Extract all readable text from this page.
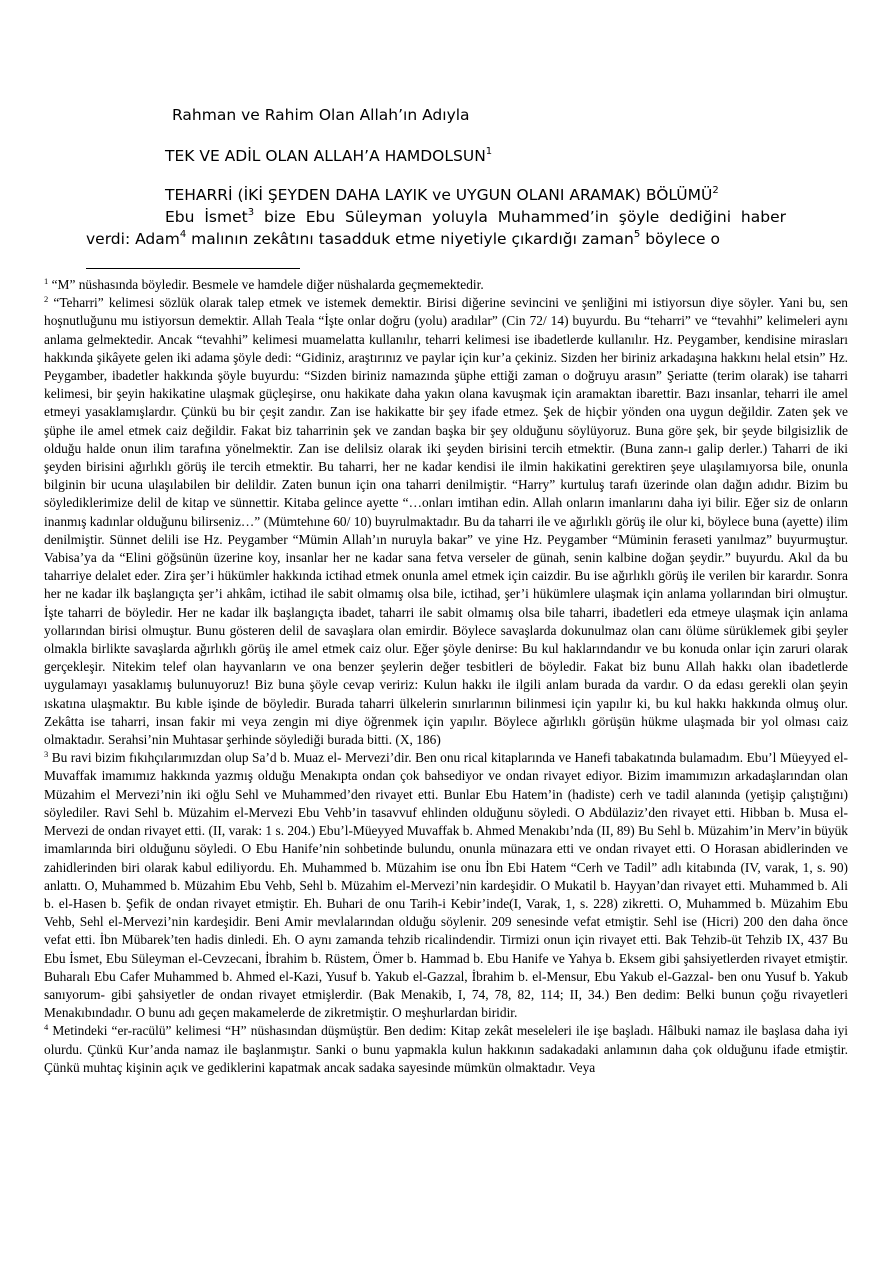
Rahman ve Rahim Olan Allah’ın Adıyla
TEK VE ADİL OLAN ALLAH’A HAMDOLSUN$^1$
TEHARRİ (İKİ ŞEYDEN DAHA LAYIK ve UYGUN OLANI ARAMAK) BÖLÜMÜ$^2$
Ebu İsmet$^3$ bize Ebu Süleyman yoluyla Muhammed’in şöyle dediğini haber verdi: Adam$^4$ malının zekâtını tasadduk etme niyetiyle çıkardığı zaman$^5$ böylece o

$^1$ “M” nüshasında böyledir. Besmele ve hamdele diğer nüshalarda geçmemektedir.

$^2$ “Teharri” kelimesi sözlük olarak talep etmek ve istemek demektir. Birisi diğerine sevincini ve şenliğini mi istiyorsun diye söyler. Yani bu, sen hoşnutluğunu mu istiyorsun demektir. Allah Teala “İşte onlar doğru (yolu) aradılar” (Cin 72/ 14) buyurdu. Bu “teharri” ve “tevahhi” kelimeleri aynı anlama gelmektedir. Ancak “tevahhi” kelimesi muamelatta kullanılır, teharri kelimesi ise ibadetlerde kullanılır. Hz. Peygamber, kendisine mirasları hakkında şikâyete gelen iki adama şöyle dedi: “Gidiniz, araştırınız ve paylar için kur’a çekiniz. Sizden her biriniz arkadaşına hakkını helal etsin” Hz. Peygamber, ibadetler hakkında şöyle buyurdu: “Sizden biriniz namazında şüphe ettiği zaman o doğruyu arasın” Şeriatte (terim olarak) ise taharri kelimesi, bir şeyin hakikatine ulaşmak güçleşirse, onu hakikate daha yakın olana kavuşmak için aramaktan ibarettir. Bazı insanlar, teharri ile amel etmeyi yasaklamışlardır. Çünkü bu bir çeşit zandır. Zan ise hakikatte bir şey ifade etmez. Şek de hiçbir yönden ona uygun değildir. Zaten şek ve şüphe ile amel etmek caiz değildir. Fakat biz taharrinin şek ve zandan başka bir şey olduğunu söylüyoruz. Buna göre şek, bir şeyde bilgisizlik de olduğu halde onun ilim tarafına yönelmektir. Zan ise delilsiz olarak iki şeyden birisini tercih etmektir. (Buna zann-ı galip derler.) Taharri de iki şeyden birisini ağırlıklı görüş ile tercih etmektir. Bu taharri, her ne kadar kendisi ile ilmin hakikatini gerektiren şeye ulaşılamıyorsa bile, onunla bilginin bir ucuna ulaşılabilen bir delildir. Zaten bunun için ona taharri denilmiştir. “Harry” kurtuluş tarafı üzerinde olan dağın adıdır. Bizim bu söylediklerimize delil de kitap ve sünnettir. Kitaba gelince ayette “…onları imtihan edin. Allah onların imanlarını daha iyi bilir. Eğer siz de onların inanmış kadınlar olduğunu bilirseniz…” (Mümtehıne 60/ 10) buyrulmaktadır. Bu da taharri ile ve ağırlıklı görüş ile olur ki, böylece buna (ayette) ilim denilmiştir. Sünnet delili ise Hz. Peygamber “Mümin Allah’ın nuruyla bakar” ve yine Hz. Peygamber “Müminin feraseti yanılmaz” buyurmuştur. Vabisa’ya da “Elini göğsünün üzerine koy, insanlar her ne kadar sana fetva verseler de günah, senin kalbine doğan şeydir.” buyurdu. Akıl da bu taharriye delalet eder. Zira şer’i hükümler hakkında ictihad etmek onunla amel etmek için caizdir. Bu ise ağırlıklı görüş ile verilen bir karardır. Sonra her ne kadar ilk başlangıçta şer’i ahkâm, ictihad ile sabit olmamış olsa bile, ictihad, şer’i hükümlere ulaşmak için anlama yollarından biri olmuştur. İşte taharri de böyledir. Her ne kadar ilk başlangıçta ibadet, taharri ile sabit olmamış olsa bile taharri, ibadetleri eda etmeye ulaşmak için anlama yollarından birisi olmuştur. Bunu gösteren delil de savaşlara olan emirdir. Böylece savaşlarda dokunulmaz olan canı ölüme sürüklemek gibi şeyler olmakla birlikte savaşlarda ağırlıklı görüş ile amel etmek caiz olur. Eğer şöyle denirse: Bu kul haklarındandır ve bu konuda onlar için zaruri olarak gerçekleşir. Nitekim telef olan hayvanların ve ona benzer şeylerin değer tesbitleri de böyledir. Fakat biz bunu Allah hakkı olan ibadetlerde uygulamayı yasaklamış bulunuyoruz! Biz buna şöyle cevap veririz: Kulun hakkı ile ilgili anlam burada da vardır. O da edası gerekli olan şeyin ıskatına ulaşmaktır. Bu kıble işinde de böyledir. Burada taharri ülkelerin sınırlarının bilinmesi için yapılır ki, bu kul hakkı hakkında olmuş olur. Zekâtta ise taharri, insan fakir mi veya zengin mi diye öğrenmek için yapılır. Böylece ağırlıklı görüşün hükme ulaşmada bir yol olması caiz olmaktadır. Serahsi’nin Muhtasar şerhinde söylediği burada bitti. (X, 186)

$^3$ Bu ravi bizim fıkıhçılarımızdan olup Sa’d b. Muaz el- Mervezi’dir. Ben onu rical kitaplarında ve Hanefi tabakatında bulamadım. Ebu’l Müeyyed el-Muvaffak imamımız hakkında yazmış olduğu Menakıpta ondan çok bahsediyor ve ondan rivayet ediyor. Bizim imamımızın arkadaşlarından olan Müzahim el Mervezi’nin iki oğlu Sehl ve Muhammed’den rivayet etti. Bunlar Ebu Hatem’in (hadiste) cerh ve tadil alanında (yetişip çalıştığını) söylediler. Ravi Sehl b. Müzahim el-Mervezi Ebu Vehb’in tasavvuf ehlinden olduğunu söyledi. O Abdülaziz’den rivayet etti. Hibban b. Musa el-Mervezi de ondan rivayet etti. (II, varak: 1 s. 204.) Ebu’l-Müeyyed Muvaffak b. Ahmed Menakıbı’nda (II, 89) Bu Sehl b. Müzahim’in Merv’in büyük imamlarında biri olduğunu söyledi. O Ebu Hanife’nin sohbetinde bulundu, onunla münazara etti ve ondan rivayet etti. O Horasan abidlerinden ve zahidlerinden biri olarak kabul ediliyordu. Eh. Muhammed b. Müzahim ise onu İbn Ebi Hatem “Cerh ve Tadil” adlı kitabında (IV, varak, 1, s. 90) anlattı. O, Muhammed b. Müzahim Ebu Vehb, Sehl b. Müzahim el-Mervezi’nin kardeşidir. O Mukatil b. Hayyan’dan rivayet etti. Muhammed b. Ali b. el-Hasen b. Şefik de ondan rivayet etmiştir. Eh. Buhari de onu Tarih-i Kebir’inde(I, Varak, 1, s. 228) zikretti. O, Muhammed b. Müzahim Ebu Vehb, Sehl el-Mervezi’nin kardeşidir. Beni Amir mevlalarından olduğu söylenir. 209 senesinde vefat etmiştir. Sehl ise (Hicri) 200 den daha önce vefat etti. İbn Mübarek’ten hadis dinledi. Eh. O aynı zamanda tehzib ricalindendir. Tirmizi onun için rivayet etti. Bak Tehzib-üt Tehzib IX, 437 Bu Ebu İsmet, Ebu Süleyman el-Cevzecani, İbrahim b. Rüstem, Ömer b. Hammad b. Ebu Hanife ve Yahya b. Eksem gibi şahsiyetlerden rivayet etmiştir. Buharalı Ebu Cafer Muhammed b. Ahmed el-Kazi, Yusuf b. Yakub el-Gazzal, İbrahim b. el-Mensur, Ebu Yakub el-Gazzal- ben onu Yusuf b. Yakub sanıyorum- gibi şahsiyetler de ondan rivayet etmişlerdir. (Bak Menakib, I, 74, 78, 82, 114; II, 34.) Ben dedim: Belki bunun çoğu rivayetleri Menakıbındadır. O bunu adı geçen makamelerde de zikretmiştir. O meşhurlardan biridir.

$^4$ Metindeki “er-racülü” kelimesi “H” nüshasından düşmüştür. Ben dedim: Kitap zekât meseleleri ile işe başladı. Hâlbuki namaz ile başlasa daha iyi olurdu. Çünkü Kur’anda namaz ile başlanmıştır. Sanki o bunu yapmakla kulun hakkının sadakadaki anlamının daha çok olduğunu ifade etmiştir. Çünkü muhtaç kişinin açık ve gediklerini kapatmak ancak sadaka sayesinde mümkün olmaktadır. Veya
